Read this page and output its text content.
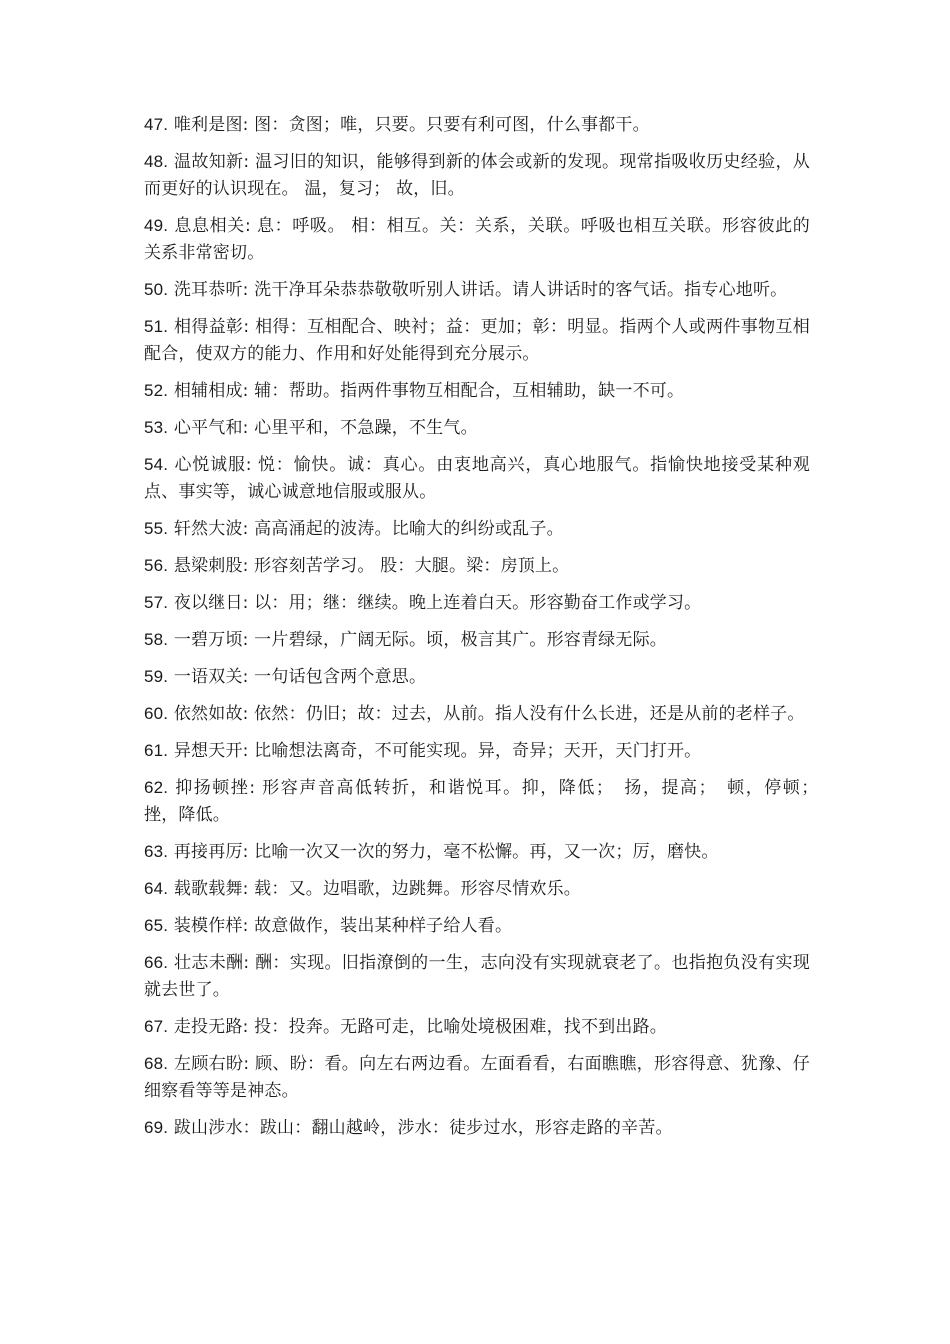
47. 唯利是图: 图：贪图；唯，只要。只要有利可图，什么事都干。

48. 温故知新: 温习旧的知识，能够得到新的体会或新的发现。现常指吸收历史经验，从而更好的认识现在。 温，复习； 故，旧。

49. 息息相关: 息：呼吸。 相：相互。关：关系，关联。呼吸也相互关联。形容彼此的关系非常密切。

50. 洗耳恭听: 洗干净耳朵恭恭敬敬听别人讲话。请人讲话时的客气话。指专心地听。

51. 相得益彰: 相得：互相配合、映衬；益：更加；彰：明显。指两个人或两件事物互相配合，使双方的能力、作用和好处能得到充分展示。

52. 相辅相成: 辅：帮助。指两件事物互相配合，互相辅助，缺一不可。

53. 心平气和: 心里平和，不急躁，不生气。

54. 心悦诚服: 悦：愉快。诚：真心。由衷地高兴，真心地服气。指愉快地接受某种观点、事实等，诚心诚意地信服或服从。

55. 轩然大波: 高高涌起的波涛。比喻大的纠纷或乱子。

56. 悬梁刺股: 形容刻苦学习。 股：大腿。梁：房顶上。

57. 夜以继日: 以：用；继：继续。晚上连着白天。形容勤奋工作或学习。

58. 一碧万顷: 一片碧绿，广阔无际。顷，极言其广。形容青绿无际。

59. 一语双关: 一句话包含两个意思。

60. 依然如故: 依然：仍旧；故：过去，从前。指人没有什么长进，还是从前的老样子。

61. 异想天开: 比喻想法离奇，不可能实现。异，奇异；天开，天门打开。

62. 抑扬顿挫: 形容声音高低转折，和谐悦耳。抑，降低；　扬，提高；　顿，停顿；　挫，降低。

63. 再接再厉: 比喻一次又一次的努力，毫不松懈。再，又一次；厉，磨快。

64. 载歌载舞: 载：又。边唱歌，边跳舞。形容尽情欢乐。

65. 装模作样: 故意做作，装出某种样子给人看。

66. 壮志未酬: 酬：实现。旧指潦倒的一生，志向没有实现就衰老了。也指抱负没有实现就去世了。

67. 走投无路: 投：投奔。无路可走，比喻处境极困难，找不到出路。

68. 左顾右盼: 顾、盼：看。向左右两边看。左面看看，右面瞧瞧，形容得意、犹豫、仔细察看等等是神态。

69. 跋山涉水：跋山：翻山越岭，涉水：徒步过水，形容走路的辛苦。
